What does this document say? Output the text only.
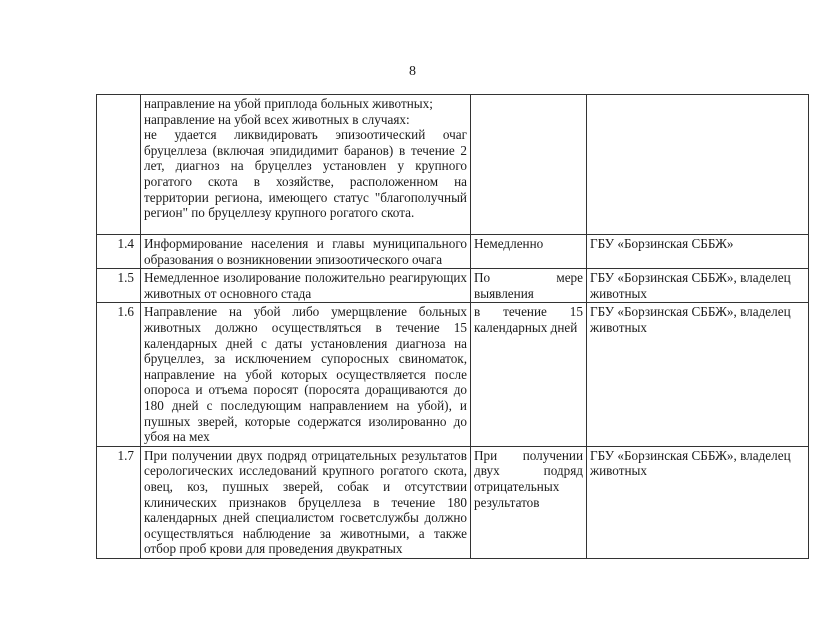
8

	направление на убой приплода больных животных;
направление на убой всех животных в случаях:
не удается ликвидировать эпизоотический очаг бруцеллеза (включая эпидидимит баранов) в течение 2 лет, диагноз на бруцеллез установлен у крупного рогатого скота в хозяйстве, расположенном на территории региона, имеющего статус "благополучный регион" по бруцеллезу крупного рогатого скота.		

1.4	Информирование населения и главы муниципального образования о возникновении эпизоотического очага	Немедленно	ГБУ «Борзинская СББЖ»
1.5	Немедленное изолирование положительно реагирующих животных от основного стада	По мере выявления	ГБУ «Борзинская СББЖ», владелец животных
1.6	Направление на убой либо умерщвление больных животных должно осуществляться в течение 15 календарных дней с даты установления диагноза на бруцеллез, за исключением супоросных свиноматок, направление на убой которых осуществляется после опороса и отъема поросят (поросята доращиваются до 180 дней с последующим направлением на убой), и пушных зверей, которые содержатся изолированно до убоя на мех	в течение 15 календарных дней	ГБУ «Борзинская СББЖ», владелец животных
1.7	При получении двух подряд отрицательных результатов серологических исследований крупного рогатого скота, овец, коз, пушных зверей, собак и отсутствии клинических признаков бруцеллеза в течение 180 календарных дней специалистом госветслужбы должно осуществляться наблюдение за животными, а также отбор проб крови для проведения двукратных	При получении двух подряд отрицательных результатов	ГБУ «Борзинская СББЖ», владелец животных
